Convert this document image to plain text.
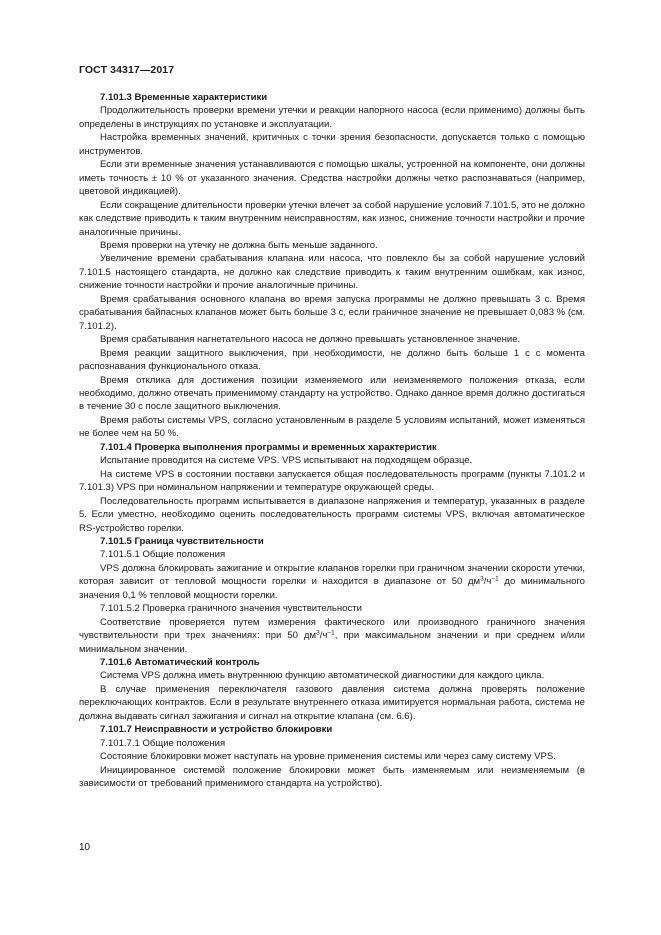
ГОСТ 34317—2017

7.101.3 Временные характеристики

Продолжительность проверки времени утечки и реакции напорного насоса (если применимо) должны быть определены в инструкциях по установке и эксплуатации.

Настройка временных значений, критичных с точки зрения безопасности, допускается только с помощью инструментов.

Если эти временные значения устанавливаются с помощью шкалы, устроенной на компоненте, они должны иметь точность ± 10 % от указанного значения. Средства настройки должны четко распознаваться (например, цветовой индикацией).

Если сокращение длительности проверки утечки влечет за собой нарушение условий 7.101.5, это не должно как следствие приводить к таким внутренним неисправностям, как износ, снижение точности настройки и прочие аналогичные причины.

Время проверки на утечку не должна быть меньше заданного.

Увеличение времени срабатывания клапана или насоса, что повлекло бы за собой нарушение условий 7.101.5 настоящего стандарта, не должно как следствие приводить к таким внутренним ошибкам, как износ, снижение точности настройки и прочие аналогичные причины.

Время срабатывания основного клапана во время запуска программы не должно превышать 3 с. Время срабатывания байпасных клапанов может быть больше 3 с, если граничное значение не превышает 0,083 % (см. 7.101.2).

Время срабатывания нагнетательного насоса не должно превышать установленное значение.

Время реакции защитного выключения, при необходимости, не должно быть больше 1 с с момента распознавания функционального отказа.

Время отклика для достижения позиции изменяемого или неизменяемого положения отказа, если необходимо, должно отвечать применимому стандарту на устройство. Однако данное время должно достигаться в течение 30 с после защитного выключения.

Время работы системы VPS, согласно установленным в разделе 5 условиям испытаний, может изменяться не более чем на 50 %.

7.101.4 Проверка выполнения программы и временных характеристик

Испытание проводится на системе VPS. VPS испытывают на подходящем образце.

На системе VPS в состоянии поставки запускается общая последовательность программ (пункты 7.101.2 и 7.101.3) VPS при номинальном напряжении и температуре окружающей среды.

Последовательность программ испытывается в диапазоне напряжения и температур, указанных в разделе 5. Если уместно, необходимо оценить последовательность программ системы VPS, включая автоматическое RS-устройство горелки.

7.101.5 Граница чувствительности

7.101.5.1 Общие положения

VPS должна блокировать зажигание и открытие клапанов горелки при граничном значении скорости утечки, которая зависит от тепловой мощности горелки и находится в диапазоне от 50 $дм^3/ч^{-1}$ до минимального значения 0,1 % тепловой мощности горелки.

7.101.5.2 Проверка граничного значения чувствительности

Соответствие проверяется путем измерения фактического или производного граничного значения чувствительности при трех значениях: при 50 $дм^3/ч^{-1}$, при максимальном значении и при среднем и/или минимальном значении.

7.101.6 Автоматический контроль

Система VPS должна иметь внутреннюю функцию автоматической диагностики для каждого цикла.

В случае применения переключателя газового давления система должна проверять положение переключающих контрактов. Если в результате внутреннего отказа имитируется нормальная работа, система не должна выдавать сигнал зажигания и сигнал на открытие клапана (см. 6.6).

7.101.7 Неисправности и устройство блокировки

7.101.7.1 Общие положения

Состояние блокировки может наступать на уровне применения системы или через саму систему VPS.

Инициированное системой положение блокировки может быть изменяемым или неизменяемым (в зависимости от требований применимого стандарта на устройство).

10
